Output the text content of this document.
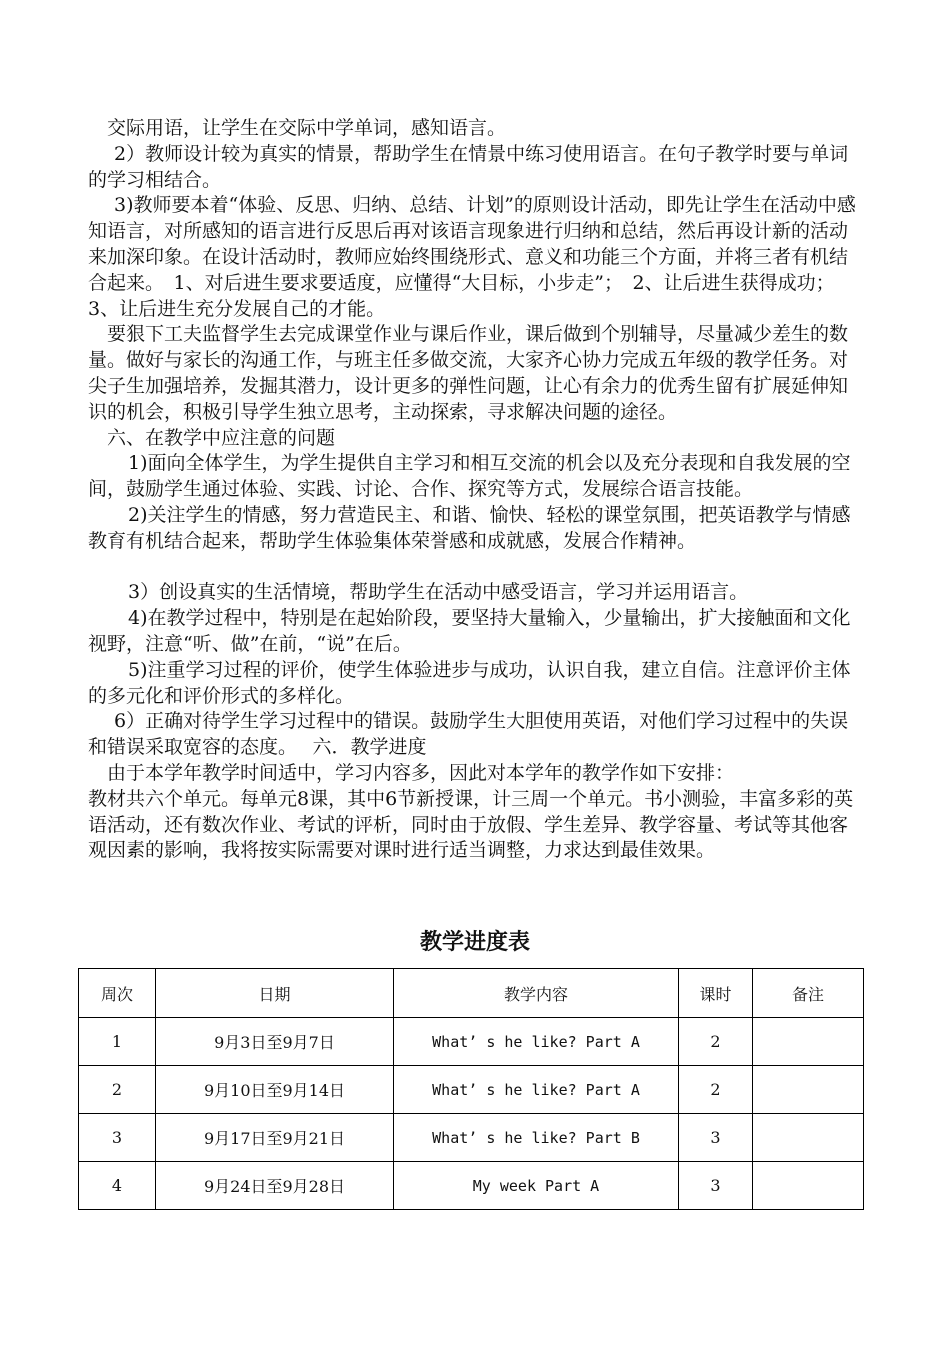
交际用语，让学生在交际中学单词，感知语言。

2）教师设计较为真实的情景，帮助学生在情景中练习使用语言。在句子教学时要与单词的学习相结合。

3)教师要本着“体验、反思、归纳、总结、计划”的原则设计活动，即先让学生在活动中感知语言，对所感知的语言进行反思后再对该语言现象进行归纳和总结，然后再设计新的活动来加深印象。在设计活动时，教师应始终围绕形式、意义和功能三个方面，并将三者有机结合起来。　1、对后进生要求要适度，应懂得“大目标，小步走”；　2、让后进生获得成功；　3、让后进生充分发展自己的才能。

要狠下工夫监督学生去完成课堂作业与课后作业，课后做到个别辅导，尽量减少差生的数量。做好与家长的沟通工作，与班主任多做交流，大家齐心协力完成五年级的教学任务。对尖子生加强培养，发掘其潜力，设计更多的弹性问题，让心有余力的优秀生留有扩展延伸知识的机会，积极引导学生独立思考，主动探索，寻求解决问题的途径。

六、在教学中应注意的问题

1)面向全体学生，为学生提供自主学习和相互交流的机会以及充分表现和自我发展的空间，鼓励学生通过体验、实践、讨论、合作、探究等方式，发展综合语言技能。

2)关注学生的情感，努力营造民主、和谐、愉快、轻松的课堂氛围，把英语教学与情感教育有机结合起来，帮助学生体验集体荣誉感和成就感，发展合作精神。

3）创设真实的生活情境，帮助学生在活动中感受语言，学习并运用语言。

4)在教学过程中，特别是在起始阶段，要坚持大量输入，少量输出，扩大接触面和文化视野，注意“听、做”在前，“说”在后。

5)注重学习过程的评价，使学生体验进步与成功，认识自我，建立自信。注意评价主体的多元化和评价形式的多样化。

6）正确对待学生学习过程中的错误。鼓励学生大胆使用英语，对他们学习过程中的失误和错误采取宽容的态度。　 六．教学进度

由于本学年教学时间适中，学习内容多，因此对本学年的教学作如下安排：

教材共六个单元。每单元8课，其中6节新授课，计三周一个单元。书小测验，丰富多彩的英语活动，还有数次作业、考试的评析，同时由于放假、学生差异、教学容量、考试等其他客观因素的影响，我将按实际需要对课时进行适当调整，力求达到最佳效果。

教学进度表
周次	日期	教学内容	课时	备注
1	9月3日至9月7日	What’ s he like? Part A	2	
2	9月10日至9月14日	What’ s he like? Part A	2	
3	9月17日至9月21日	What’ s he like? Part B	3	
4	9月24日至9月28日	My week Part A	3	
